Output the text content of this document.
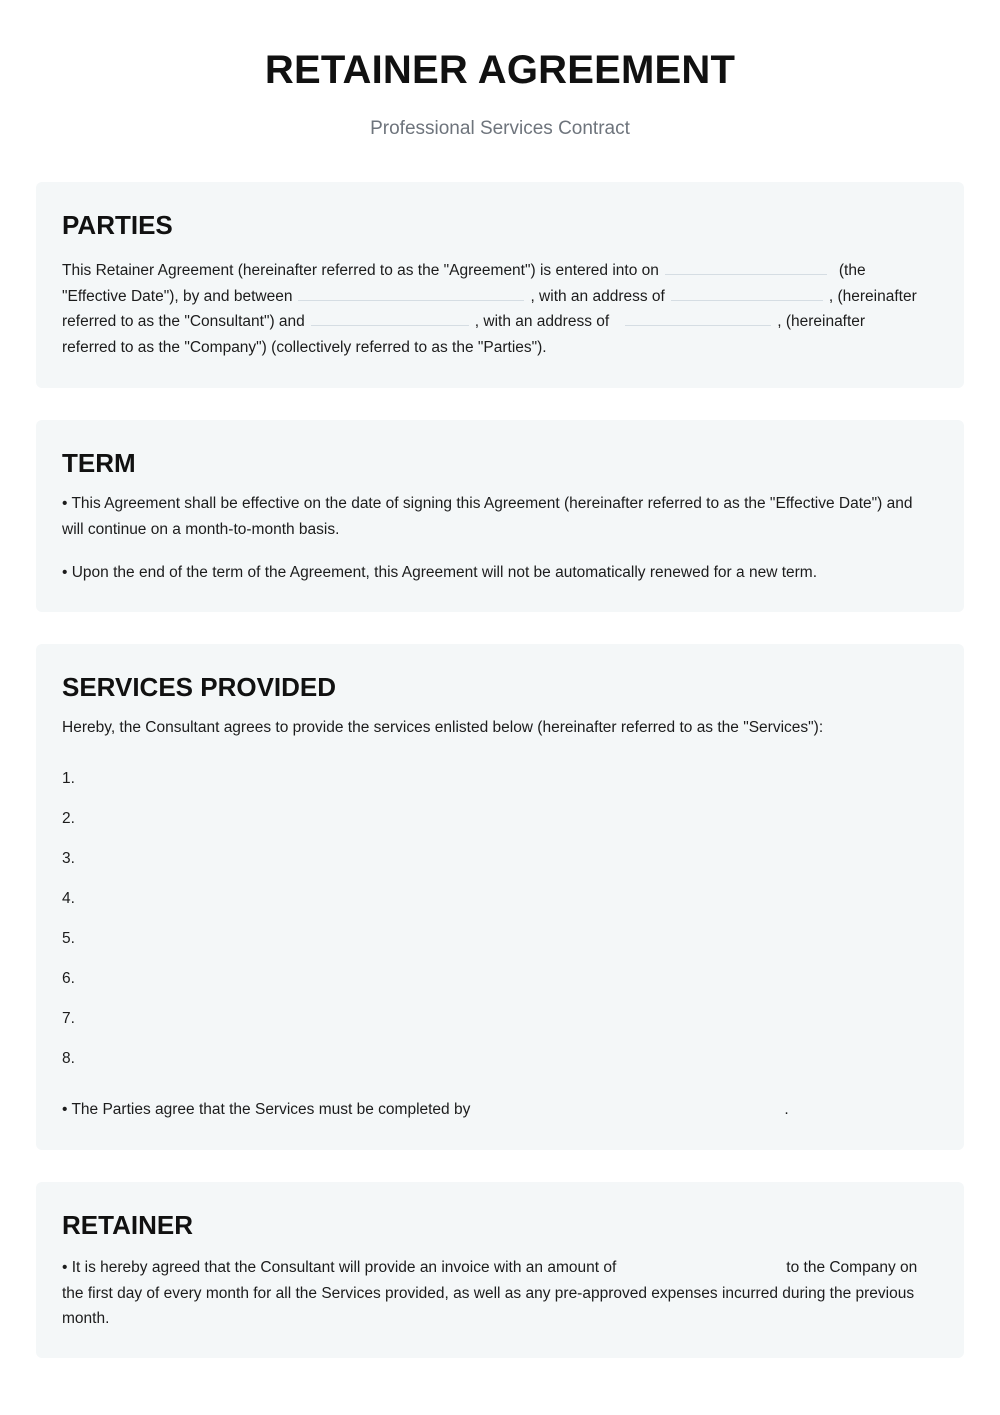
RETAINER AGREEMENT
Professional Services Contract
PARTIES

This Retainer Agreement (hereinafter referred to as the "Agreement") is entered into on	(the "Effective Date"), by and between	, with an address of	, (hereinafter referred to as the "Consultant") and	, with an address of	, (hereinafter referred to as the "Company") (collectively referred to as the "Parties").

TERM

• This Agreement shall be effective on the date of signing this Agreement (hereinafter referred to as the "Effective Date") and will continue on a month-to-month basis.

• Upon the end of the term of the Agreement, this Agreement will not be automatically renewed for a new term.

SERVICES PROVIDED

Hereby, the Consultant agrees to provide the services enlisted below (hereinafter referred to as the "Services"):

1.
2.
3.
4.
5.
6.
7.
8.

• The Parties agree that the Services must be completed by	.

RETAINER

• It is hereby agreed that the Consultant will provide an invoice with an amount of	to the Company on the first day of every month for all the Services provided, as well as any pre-approved expenses incurred during the previous month.
